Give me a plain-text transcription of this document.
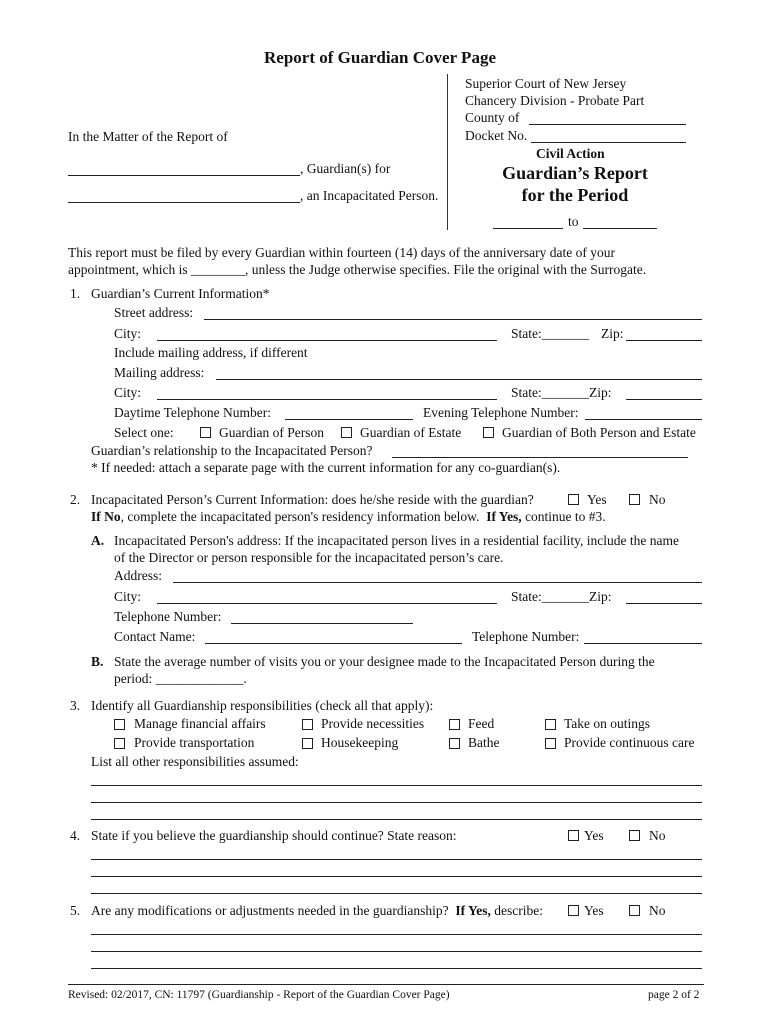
Report of Guardian Cover Page
Superior Court of New Jersey
Chancery Division - Probate Part
County of
Docket No.
Civil Action
Guardian’s Report
for the Period
to
In the Matter of the Report of
, Guardian(s) for
, an Incapacitated Person.
This report must be filed by every Guardian within fourteen (14) days of the anniversary date of your
appointment, which is ________, unless the Judge otherwise specifies. File the original with the Surrogate.
1. Guardian’s Current Information*
Street address:
City:	State:_______ Zip:
Include mailing address, if different
Mailing address:
City:	State:_______Zip:
Daytime Telephone Number:	Evening Telephone Number:
Select one:	Guardian of Person	Guardian of Estate	Guardian of Both Person and Estate
Guardian’s relationship to the Incapacitated Person?
* If needed: attach a separate page with the current information for any co-guardian(s).
2. Incapacitated Person’s Current Information: does he/she reside with the guardian?	Yes	No
If No, complete the incapacitated person's residency information below. If Yes, continue to #3.
A. Incapacitated Person's address: If the incapacitated person lives in a residential facility, include the name
of the Director or person responsible for the incapacitated person’s care.
Address:
City:	State:_______Zip:
Telephone Number:
Contact Name:	Telephone Number:
B. State the average number of visits you or your designee made to the Incapacitated Person during the
period: _____________.
3. Identify all Guardianship responsibilities (check all that apply):
Manage financial affairs	Provide necessities	Feed	Take on outings
Provide transportation	Housekeeping	Bathe	Provide continuous care
List all other responsibilities assumed:
4. State if you believe the guardianship should continue? State reason:	Yes	No
5. Are any modifications or adjustments needed in the guardianship? If Yes, describe:	Yes	No
Revised: 02/2017, CN: 11797 (Guardianship - Report of the Guardian Cover Page)	page 2 of 2
